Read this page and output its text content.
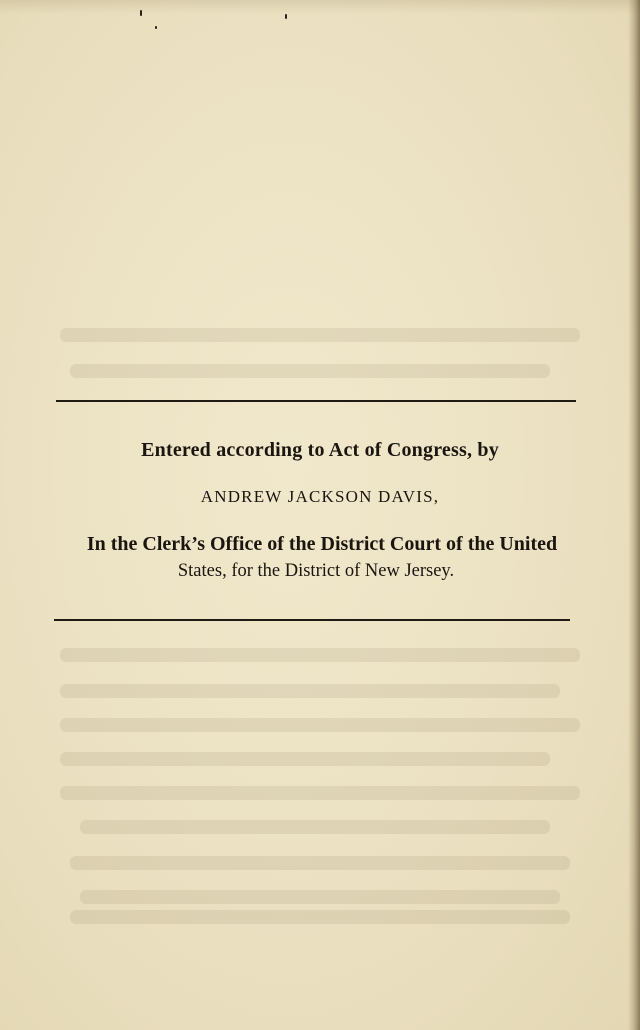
Entered according to Act of Congress, by
ANDREW JACKSON DAVIS,
In the Clerk’s Office of the District Court of the United
States, for the District of New Jersey.
